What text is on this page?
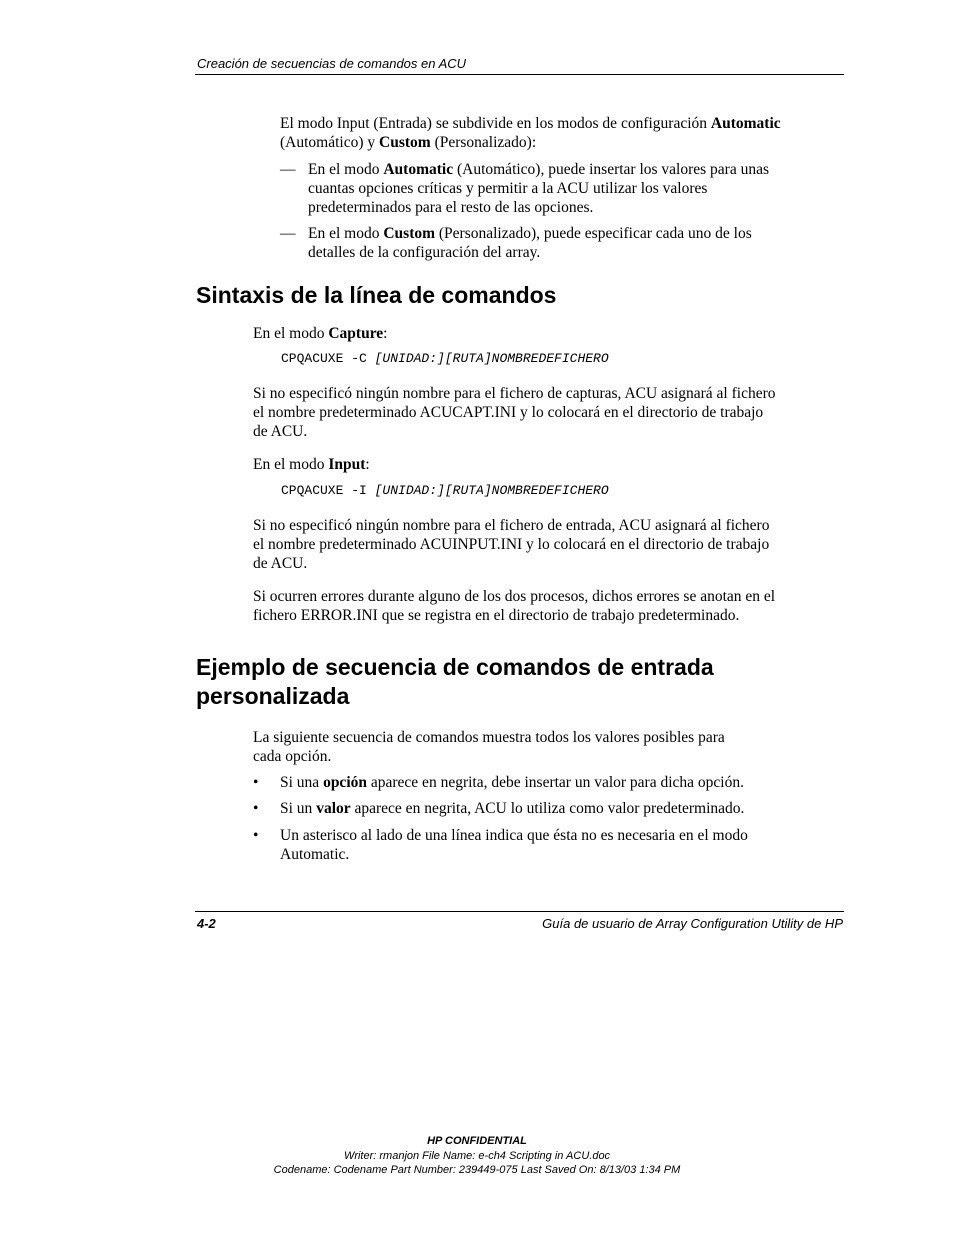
Creación de secuencias de comandos en ACU
El modo Input (Entrada) se subdivide en los modos de configuración Automatic
(Automático) y Custom (Personalizado):
— En el modo Automatic (Automático), puede insertar los valores para unas
cuantas opciones críticas y permitir a la ACU utilizar los valores
predeterminados para el resto de las opciones.
— En el modo Custom (Personalizado), puede especificar cada uno de los
detalles de la configuración del array.
Sintaxis de la línea de comandos
En el modo Capture:
CPQACUXE -C [UNIDAD:][RUTA]NOMBREDEFICHERO
Si no especificó ningún nombre para el fichero de capturas, ACU asignará al fichero
el nombre predeterminado ACUCAPT.INI y lo colocará en el directorio de trabajo
de ACU.
En el modo Input:
CPQACUXE -I [UNIDAD:][RUTA]NOMBREDEFICHERO
Si no especificó ningún nombre para el fichero de entrada, ACU asignará al fichero
el nombre predeterminado ACUINPUT.INI y lo colocará en el directorio de trabajo
de ACU.
Si ocurren errores durante alguno de los dos procesos, dichos errores se anotan en el
fichero ERROR.INI que se registra en el directorio de trabajo predeterminado.
Ejemplo de secuencia de comandos de entrada
personalizada
La siguiente secuencia de comandos muestra todos los valores posibles para
cada opción.
• Si una opción aparece en negrita, debe insertar un valor para dicha opción.
• Si un valor aparece en negrita, ACU lo utiliza como valor predeterminado.
• Un asterisco al lado de una línea indica que ésta no es necesaria en el modo
Automatic.
4-2	Guía de usuario de Array Configuration Utility de HP
HP CONFIDENTIAL
Writer: rmanjon File Name: e-ch4 Scripting in ACU.doc
Codename: Codename Part Number: 239449-075 Last Saved On: 8/13/03 1:34 PM
